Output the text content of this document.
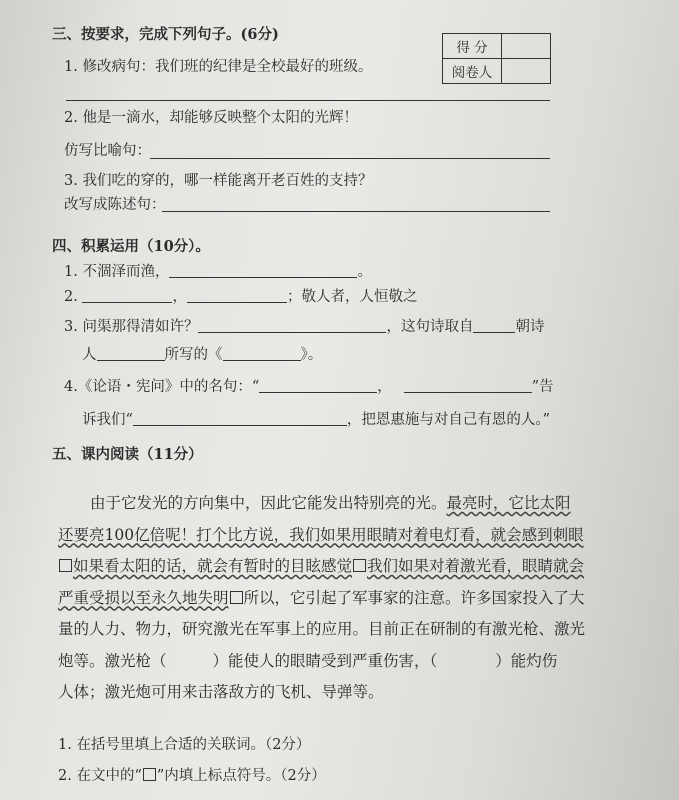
三、按要求，完成下列句子。(6分)
得 分	
阅卷人	
1. 修改病句：我们班的纪律是全校最好的班级。
2. 他是一滴水，却能够反映整个太阳的光辉！
仿写比喻句：
3. 我们吃的穿的，哪一样能离开老百姓的支持？
改写成陈述句：
四、积累运用（10分）。
1. 不涸泽而渔，	。
2.	，	；敬人者，人恒敬之
3. 问渠那得清如许？	，这句诗取自	朝诗
人	所写的《	》。
4.《论语・宪问》中的名句：“	，	”告
诉我们“	，把恩惠施与对自己有恩的人。”
五、课内阅读（11分）
由于它发光的方向集中，因此它能发出特别亮的光。最亮时，它比太阳
还要亮100亿倍呢！打个比方说，我们如果用眼睛对着电灯看，就会感到刺眼
如果看太阳的话，就会有暂时的目眩感觉 我们如果对着激光看，眼睛就会
严重受损以至永久地失明 所以，它引起了军事家的注意。许多国家投入了大
量的人力、物力，研究激光在军事上的应用。目前正在研制的有激光枪、激光
炮等。激光枪（	）能使人的眼睛受到严重伤害，（	）能灼伤
人体；激光炮可用来击落敌方的飞机、导弹等。
1. 在括号里填上合适的关联词。（2分）
2. 在文中的“ ”内填上标点符号。（2分）
